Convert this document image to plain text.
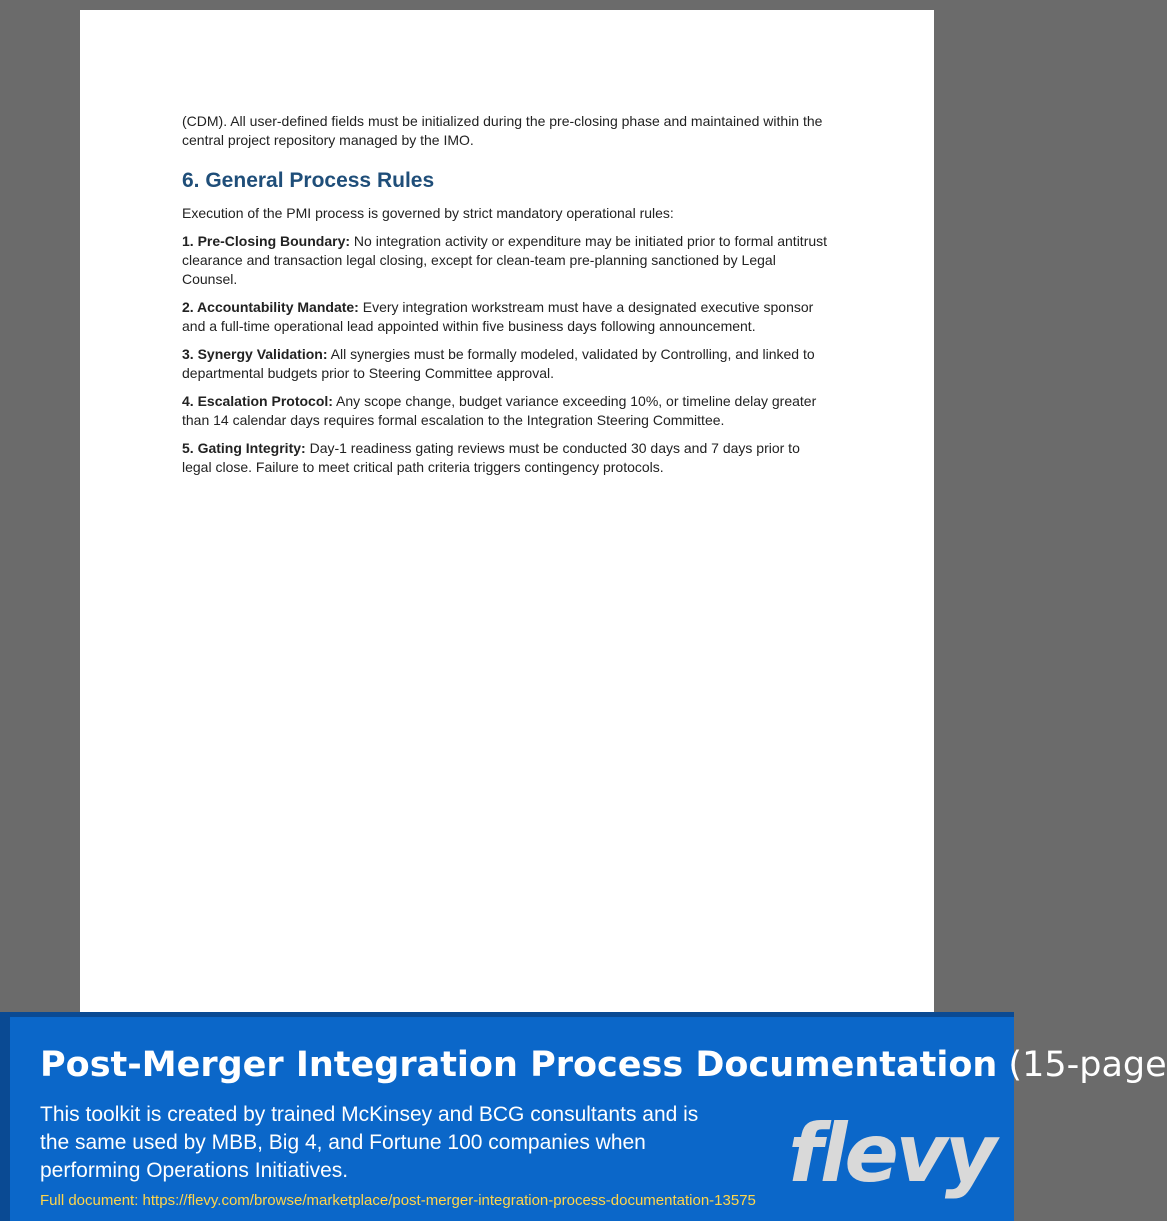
(CDM). All user-defined fields must be initialized during the pre-closing phase and maintained within the central project repository managed by the IMO.

6. General Process Rules

Execution of the PMI process is governed by strict mandatory operational rules:

1. Pre-Closing Boundary: No integration activity or expenditure may be initiated prior to formal antitrust clearance and transaction legal closing, except for clean-team pre-planning sanctioned by Legal Counsel.

2. Accountability Mandate: Every integration workstream must have a designated executive sponsor and a full-time operational lead appointed within five business days following announcement.

3. Synergy Validation: All synergies must be formally modeled, validated by Controlling, and linked to departmental budgets prior to Steering Committee approval.

4. Escalation Protocol: Any scope change, budget variance exceeding 10%, or timeline delay greater than 14 calendar days requires formal escalation to the Integration Steering Committee.

5. Gating Integrity: Day-1 readiness gating reviews must be conducted 30 days and 7 days prior to legal close. Failure to meet critical path criteria triggers contingency protocols.

Post-Merger Integration Process Documentation (15-page
This toolkit is created by trained McKinsey and BCG consultants and is the same used by MBB, Big 4, and Fortune 100 companies when performing Operations Initiatives.
Full document: https://flevy.com/browse/marketplace/post-merger-integration-process-documentation-13575
flevy
